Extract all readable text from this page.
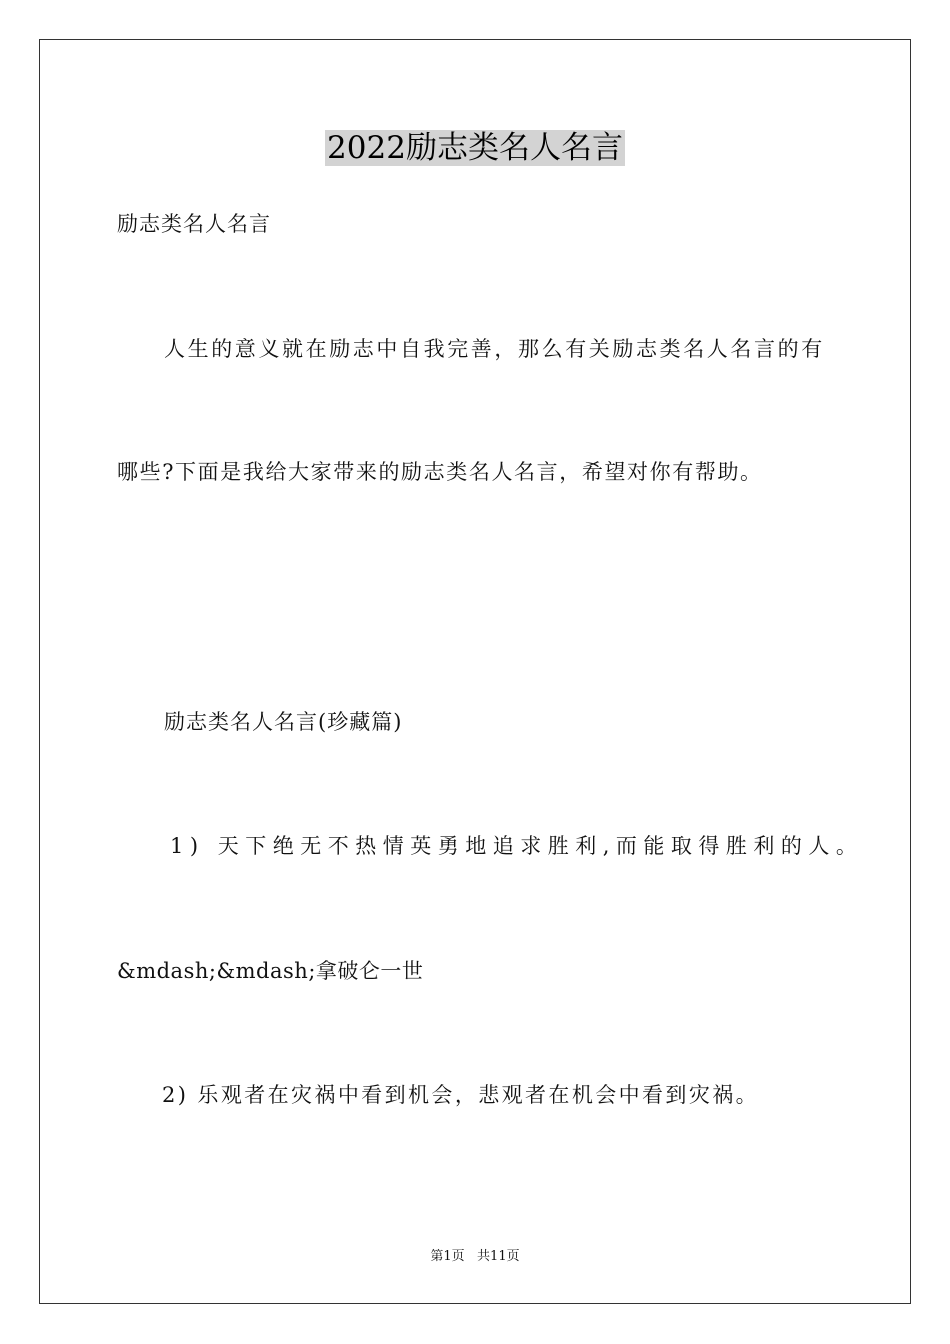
2022励志类名人名言
励志类名人名言
人生的意义就在励志中自我完善，那么有关励志类名人名言的有
哪些?下面是我给大家带来的励志类名人名言，希望对你有帮助。
励志类名人名言(珍藏篇)
1) 天下绝无不热情英勇地追求胜利,而能取得胜利的人。
&mdash;&mdash;拿破仑一世
2) 乐观者在灾祸中看到机会，悲观者在机会中看到灾祸。
第1页   共11页
